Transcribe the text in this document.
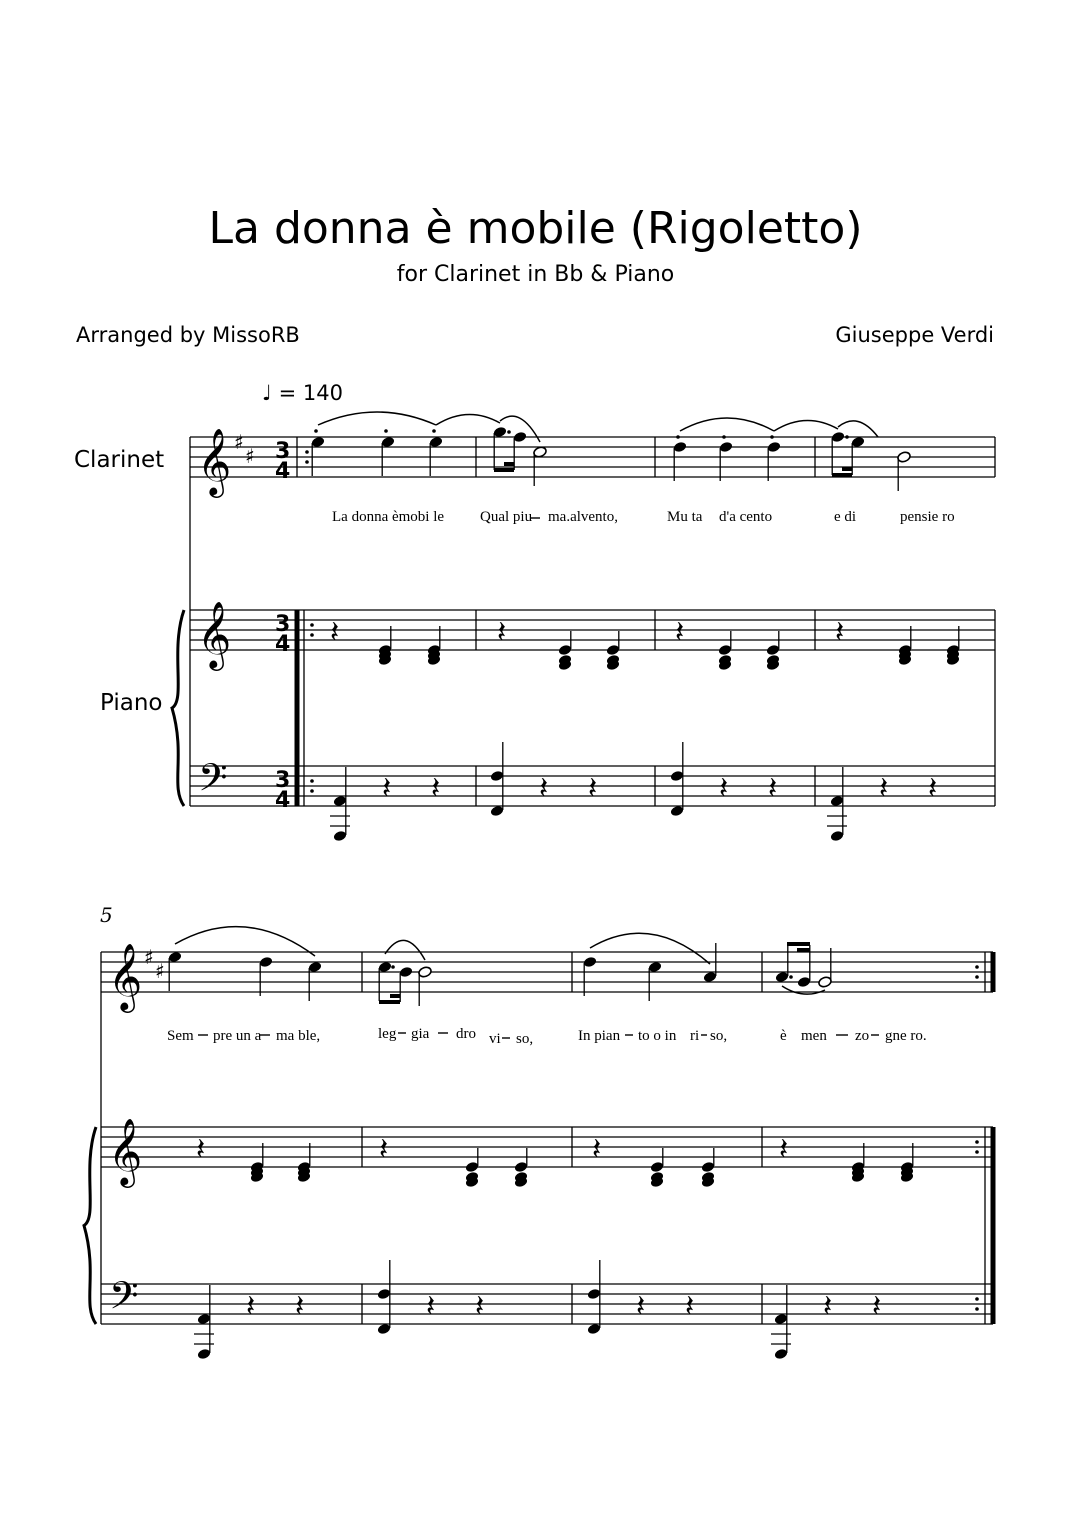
La donna è mobile (Rigoletto)
for Clarinet in Bb & Piano
Arranged by MissoRB	Giuseppe Verdi
♩ = 140
Clarinet
Piano
5
La donna èmobi le Qual piu ma.alvento,	Mu ta d'a cento	e di	pensie ro
Sem pre un a ma ble,	leg gia dro vi so,	In pian to o in ri so,	è men zo gne ro.
𝄞
𝄞
𝄢
♯
♯ 3
4
3
4
3
4
𝄽	𝄽	𝄽	𝄽
𝄽 𝄽	𝄽 𝄽	𝄽 𝄽	𝄽 𝄽
𝄞
𝄞
𝄢
♯
♯
𝄽	𝄽	𝄽	𝄽
𝄽 𝄽	𝄽 𝄽	𝄽 𝄽	𝄽 𝄽
